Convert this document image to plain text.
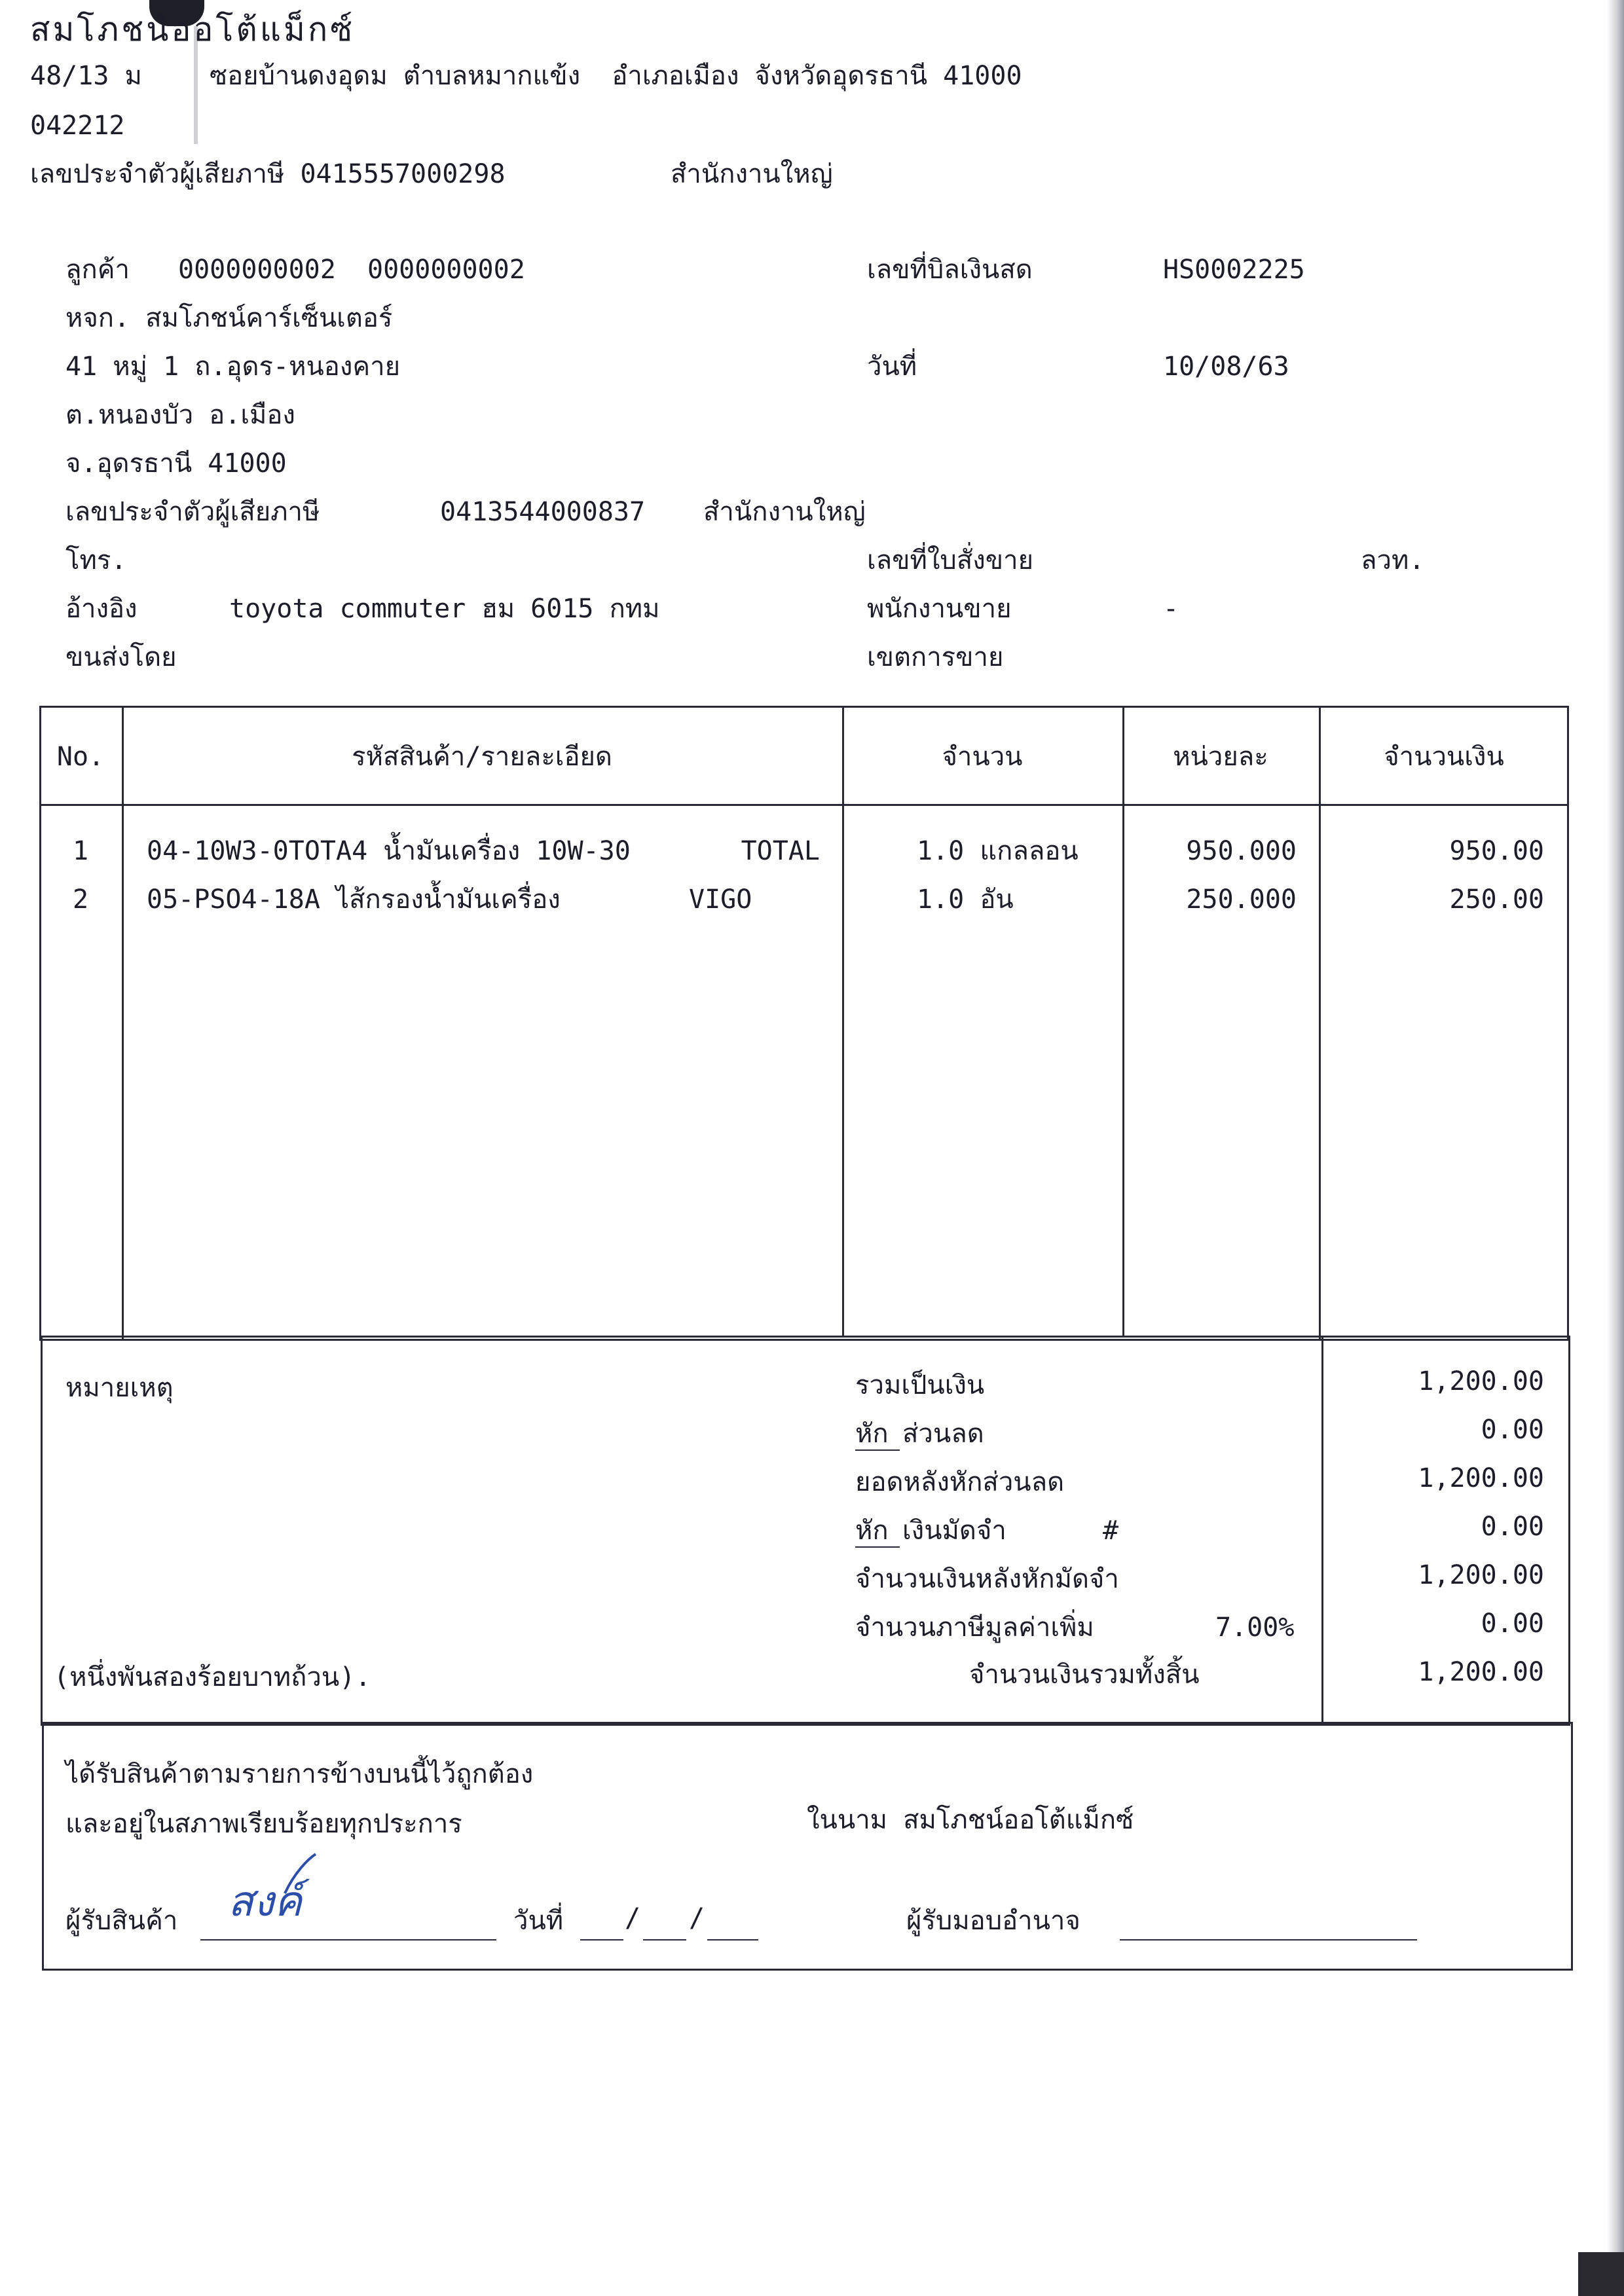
สมโภชน์ออโต้แม็กซ์
48/13 ม	ซอยบ้านดงอุดม ตำบลหมากแข้ง  อำเภอเมือง จังหวัดอุดรธานี 41000
042212
เลขประจำตัวผู้เสียภาษี 0415557000298	สำนักงานใหญ่
ลูกค้า 0000000002  0000000002
หจก. สมโภชน์คาร์เซ็นเตอร์
41 หมู่ 1 ถ.อุดร-หนองคาย
ต.หนองบัว อ.เมือง
จ.อุดรธานี 41000
เลขประจำตัวผู้เสียภาษี	0413544000837 สำนักงานใหญ่
โทร.
อ้างอิง	toyota commuter ฮม 6015 กทม
ขนส่งโดย
เลขที่บิลเงินสด	HS0002225
วันที่	10/08/63
เลขที่ใบสั่งขาย	ลวท.
พนักงานขาย	-
เขตการขาย
No.	รหัสสินค้า/รายละเอียด	จำนวน	หน่วยละ	จำนวนเงิน
1	04-10W3-0TOTA4 น้ำมันเครื่อง 10W-30	TOTAL	1.0 แกลลอน	950.000	950.00
2	05-PSO4-18A ไส้กรองน้ำมันเครื่อง	VIGO	1.0 อัน	250.000	250.00
หมายเหตุ	รวมเป็นเงิน	1,200.00
หัก ส่วนลด	0.00
ยอดหลังหักส่วนลด	1,200.00
หัก เงินมัดจำ	#	0.00
จำนวนเงินหลังหักมัดจำ	1,200.00
จำนวนภาษีมูลค่าเพิ่ม	7.00%	0.00
(หนึ่งพันสองร้อยบาทถ้วน).	จำนวนเงินรวมทั้งสิ้น	1,200.00
ได้รับสินค้าตามรายการข้างบนนี้ไว้ถูกต้อง
และอยู่ในสภาพเรียบร้อยทุกประการ	ในนาม สมโภชน์ออโต้แม็กซ์
ผู้รับสินค้า สงค์	วันที่ / /	ผู้รับมอบอำนาจ
